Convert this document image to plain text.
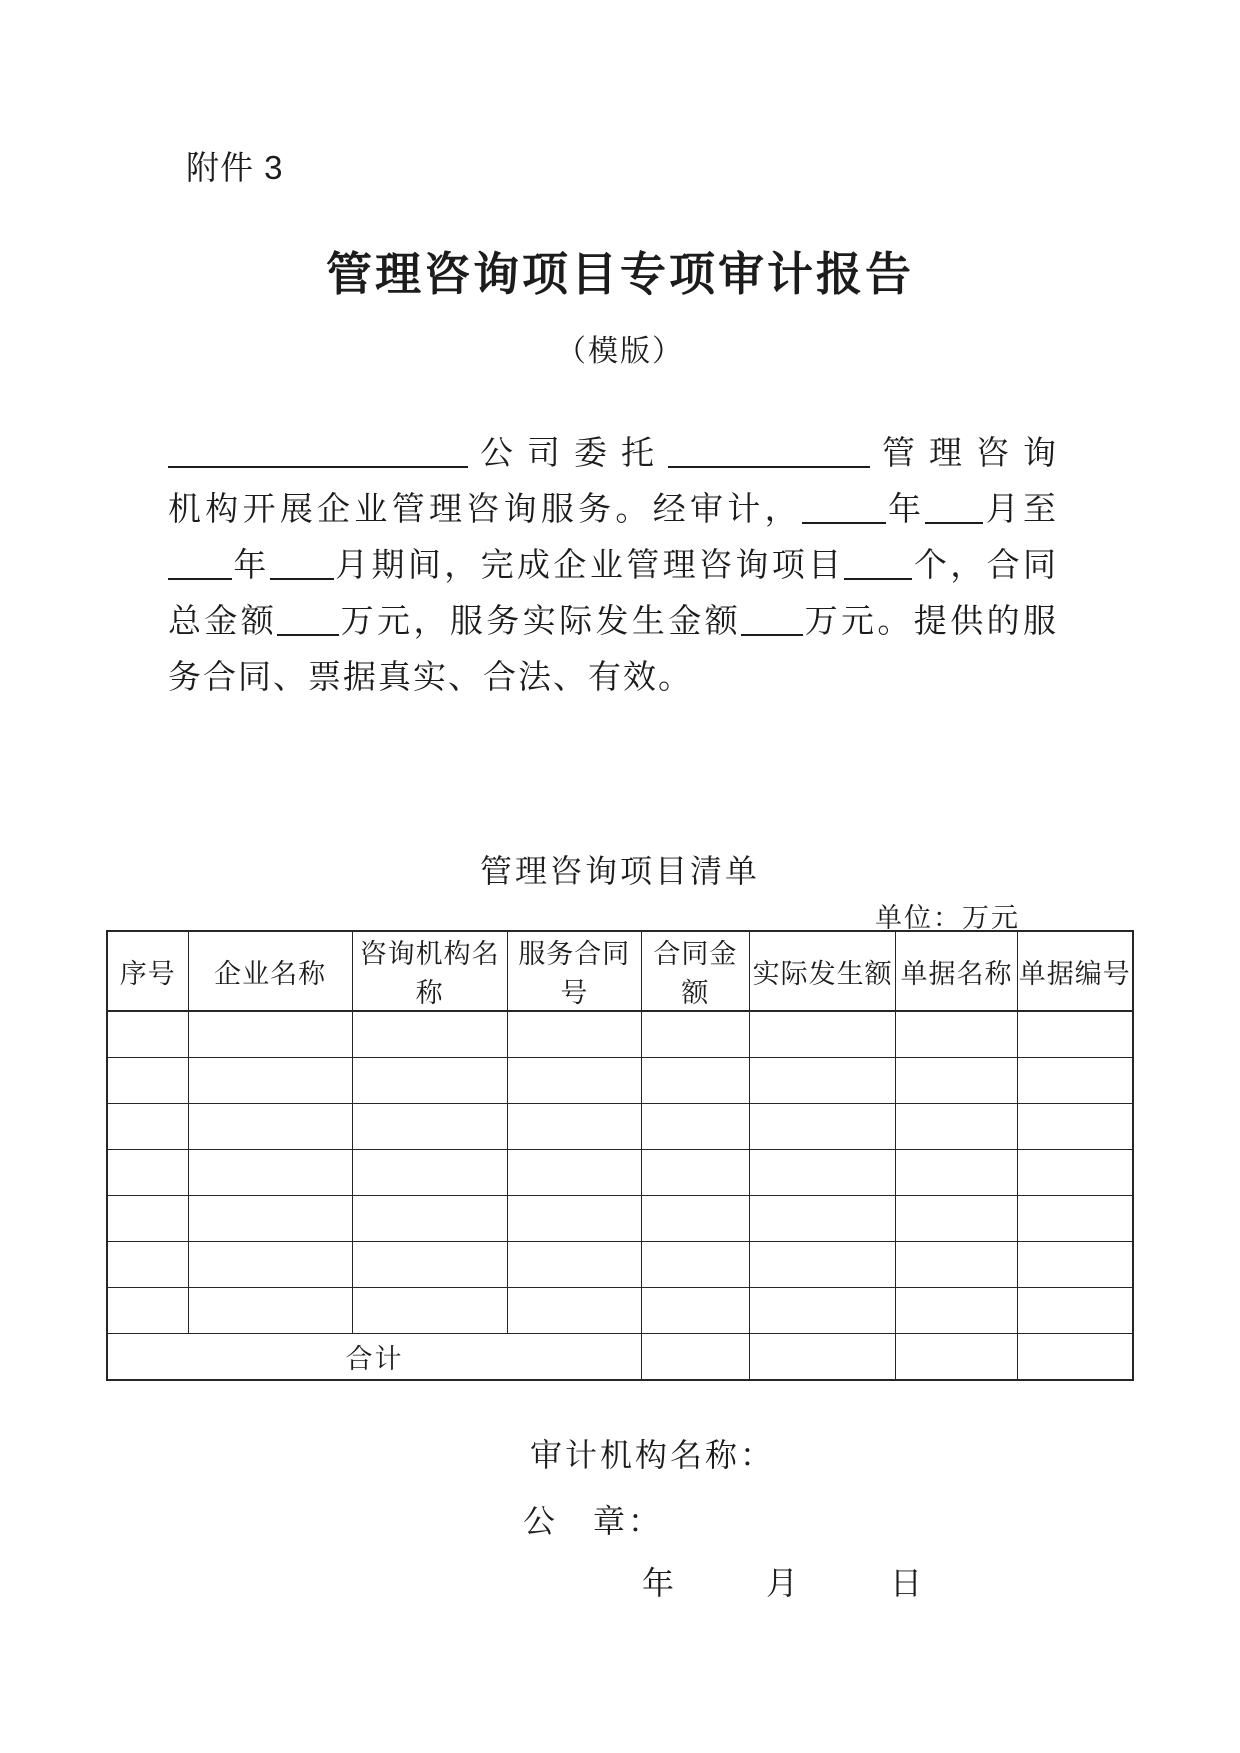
附件 3
管理咨询项目专项审计报告
（模版）
公司委托	管理咨询
机构开展企业管理咨询服务。经审计，	年 月至
年 月期间，完成企业管理咨询项目 个，合同
总金额 万元，服务实际发生金额 万元。提供的服
务合同、票据真实、合法、有效。
管理咨询项目清单
单位：万元
序号	企业名称	咨询机构名称	服务合同号	合同金额	实际发生额	单据名称	单据编号

合计							
审计机构名称：
公　章：
年	月	日
